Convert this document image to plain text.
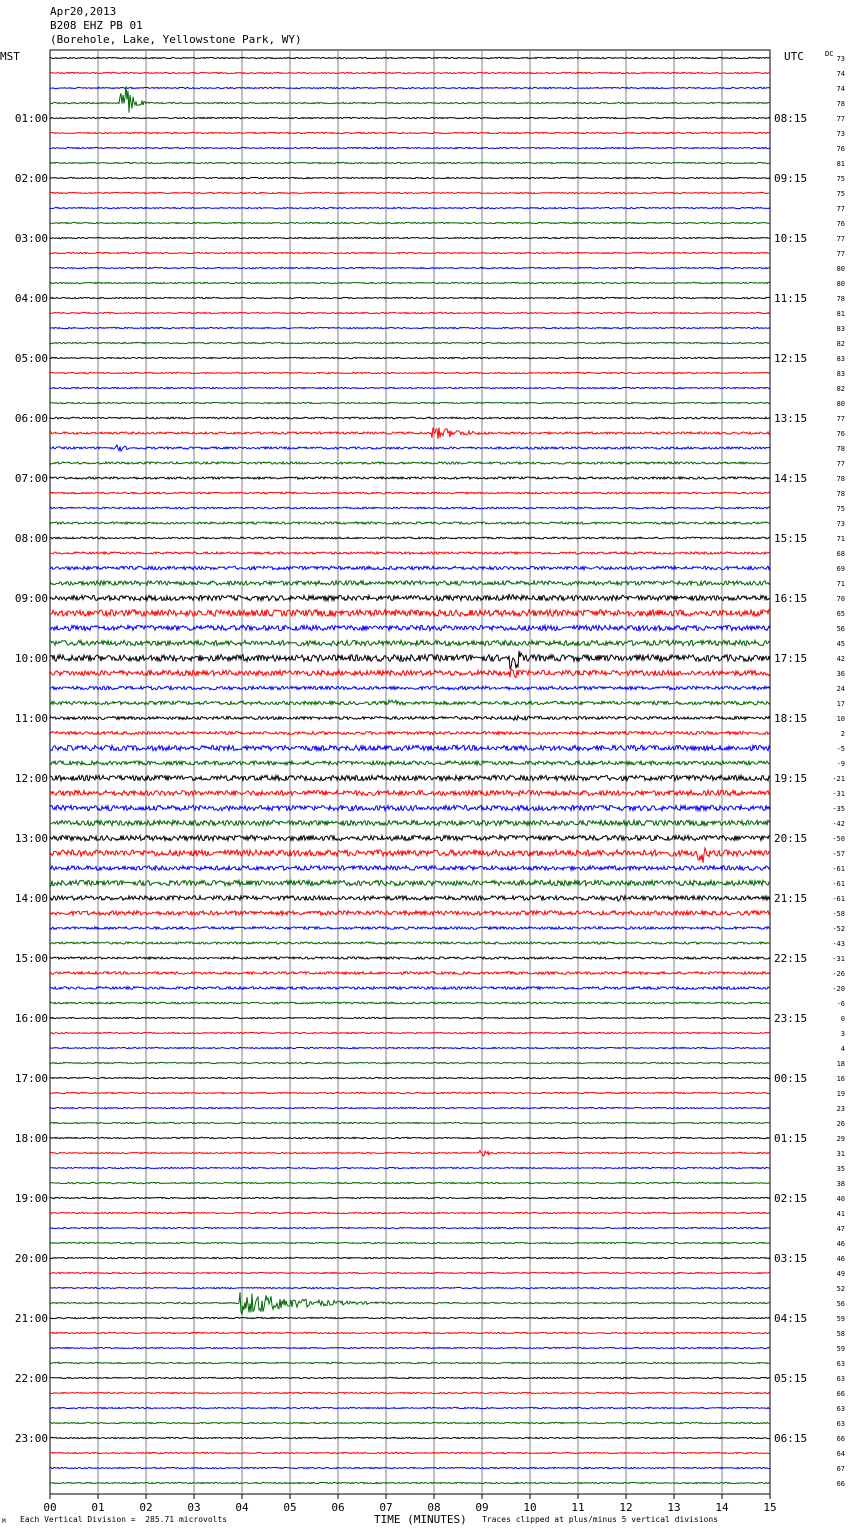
01:00
02:00
03:00
04:00
05:00
06:00
07:00
08:00
09:00
10:00
11:00
12:00
13:00
14:00
15:00
16:00
17:00
18:00
19:00
20:00
21:00
22:00
23:00
08:15
09:15
10:15
11:15
12:15
13:15
14:15
15:15
16:15
17:15
18:15
19:15
20:15
21:15
22:15
23:15
00:15
01:15
02:15
03:15
04:15
05:15
06:15
73
74
74
78
77
73
76
81
75
75
77
76
77
77
80
80
78
81
83
82
83
83
82
80
77
76
78
77
78
78
75
73
71
68
69
71
70
65
56
45
42
36
24
17
10
2
-5
-9
-21
-31
-35
-42
-50
-57
-61
-61
-61
-58
-52
-43
-31
-26
-20
-6
0
3
4
18
16
19
23
26
29
31
35
38
40
41
47
46
46
49
52
56
59
58
59
63
63
66
63
63
66
64
67
66
00	01	02	03	04	05	06	07	08	09	10	11	12	13	14	15
MST	UTC	DC
TIME (MINUTES)
Apr20,2013
B208 EHZ PB 01
(Borehole, Lake, Yellowstone Park, WY)
M Each Vertical Division =  285.71 microvolts	Traces clipped at plus/minus 5 vertical divisions
